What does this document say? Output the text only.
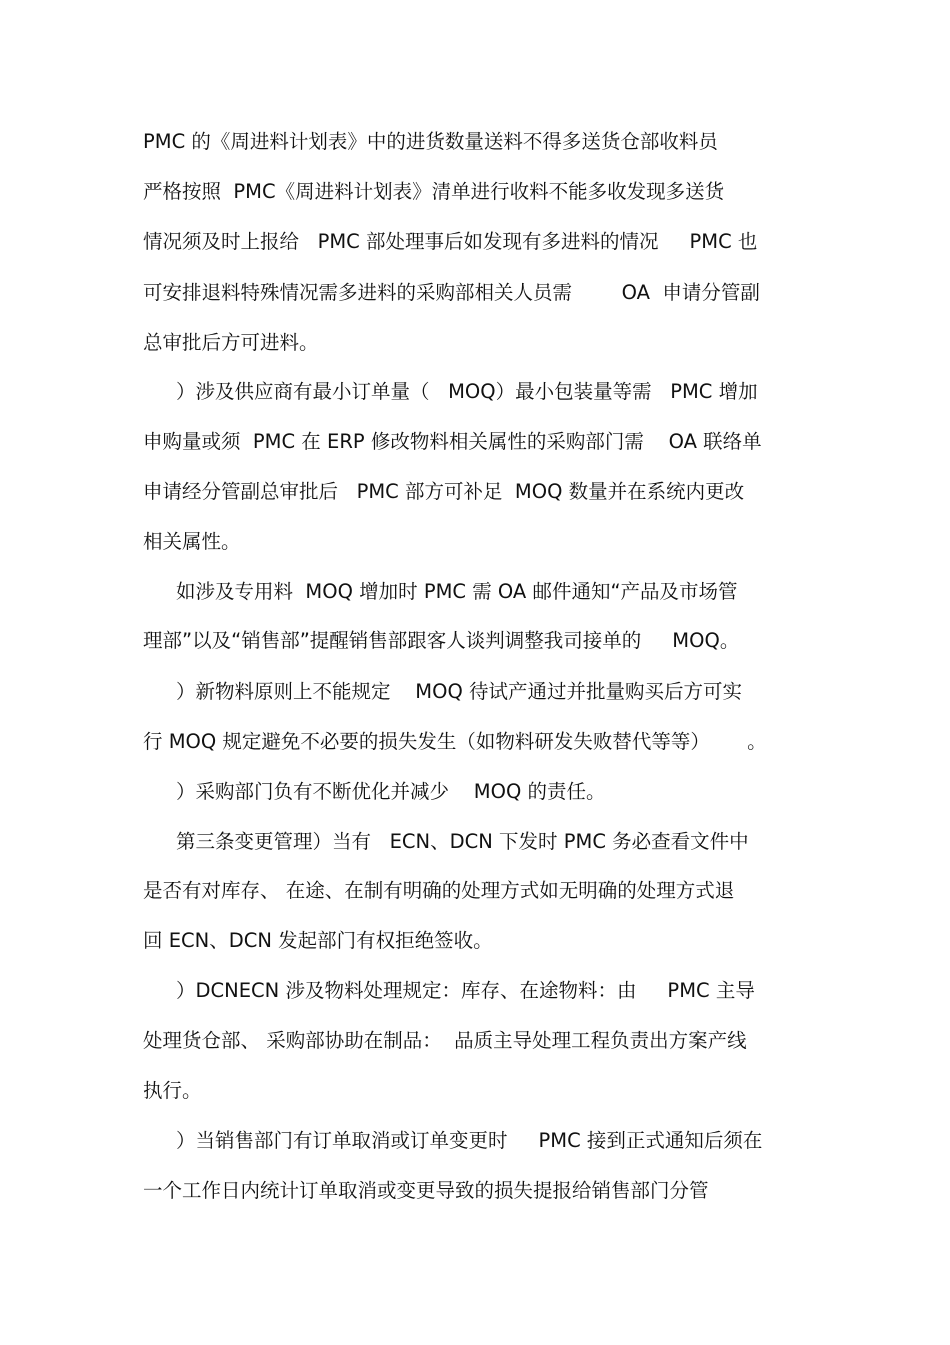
PMC 的《周进料计划表》中的进货数量送料不得多送货仓部收料员
严格按照  PMC《周进料计划表》清单进行收料不能多收发现多送货
情况须及时上报给   PMC 部处理事后如发现有多进料的情况     PMC 也
可安排退料特殊情况需多进料的采购部相关人员需        OA  申请分管副
总审批后方可进料。
）涉及供应商有最小订单量（   MOQ）最小包装量等需   PMC 增加
申购量或须  PMC 在 ERP 修改物料相关属性的采购部门需    OA 联络单
申请经分管副总审批后   PMC 部方可补足  MOQ 数量并在系统内更改
相关属性。
如涉及专用料  MOQ 增加时 PMC 需 OA 邮件通知“产品及市场管
理部”以及“销售部”提醒销售部跟客人谈判调整我司接单的     MOQ。
）新物料原则上不能规定    MOQ 待试产通过并批量购买后方可实
行 MOQ 规定避免不必要的损失发生（如物料研发失败替代等等）      。
）采购部门负有不断优化并减少    MOQ 的责任。
第三条变更管理）当有   ECN、DCN 下发时 PMC 务必查看文件中
是否有对库存、 在途、在制有明确的处理方式如无明确的处理方式退
回 ECN、DCN 发起部门有权拒绝签收。
）DCNECN 涉及物料处理规定：库存、在途物料：由     PMC 主导
处理货仓部、 采购部协助在制品：  品质主导处理工程负责出方案产线
执行。
）当销售部门有订单取消或订单变更时     PMC 接到正式通知后须在
一个工作日内统计订单取消或变更导致的损失提报给销售部门分管
